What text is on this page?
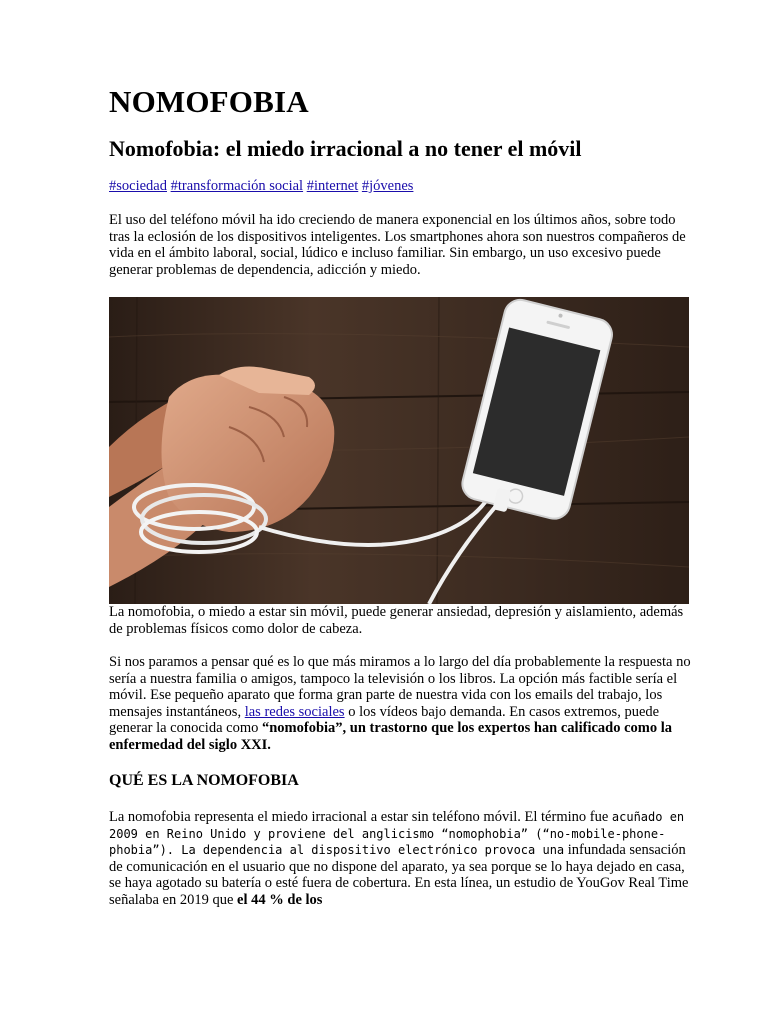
NOMOFOBIA
Nomofobia: el miedo irracional a no tener el móvil
#sociedad #transformación social #internet #jóvenes

El uso del teléfono móvil ha ido creciendo de manera exponencial en los últimos años, sobre todo tras la eclosión de los dispositivos inteligentes. Los smartphones ahora son nuestros compañeros de vida en el ámbito laboral, social, lúdico e incluso familiar. Sin embargo, un uso excesivo puede generar problemas de dependencia, adicción y miedo.

La nomofobia, o miedo a estar sin móvil, puede generar ansiedad, depresión y aislamiento, además de problemas físicos como dolor de cabeza.

Si nos paramos a pensar qué es lo que más miramos a lo largo del día probablemente la respuesta no sería a nuestra familia o amigos, tampoco la televisión o los libros. La opción más factible sería el móvil. Ese pequeño aparato que forma gran parte de nuestra vida con los emails del trabajo, los mensajes instantáneos, las redes sociales o los vídeos bajo demanda. En casos extremos, puede generar la conocida como “nomofobia”, un trastorno que los expertos han calificado como la enfermedad del siglo XXI.

QUÉ ES LA NOMOFOBIA

La nomofobia representa el miedo irracional a estar sin teléfono móvil. El término fue acuñado en 2009 en Reino Unido y proviene del anglicismo “nomophobia” (“no-mobile-phone-phobia”). La dependencia al dispositivo electrónico provoca una infundada sensación de comunicación en el usuario que no dispone del aparato, ya sea porque se lo haya dejado en casa, se haya agotado su batería o esté fuera de cobertura. En esta línea, un estudio de YouGov Real Time señalaba en 2019 que el 44 % de los
